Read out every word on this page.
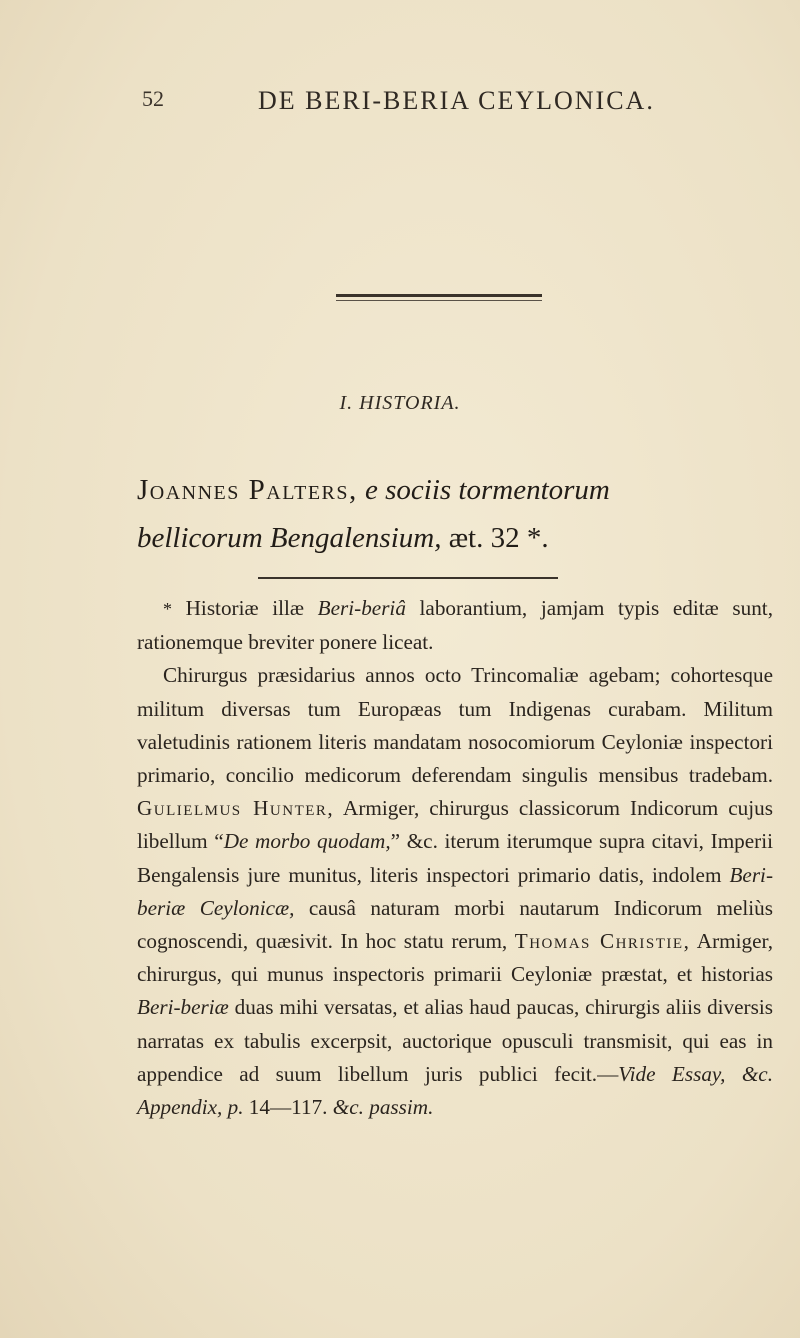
52	DE BERI-BERIA CEYLONICA.
I. HISTORIA.
Joannes Palters, e sociis tormentorum
bellicorum Bengalensium, æt. 32 *.

* Historiæ illæ Beri-beriâ laborantium, jamjam typis editæ sunt, rationemque breviter ponere liceat.

Chirurgus præsidarius annos octo Trincomaliæ agebam; cohortesque militum diversas tum Europæas tum Indigenas curabam. Militum valetudinis rationem literis mandatam nosocomiorum Ceyloniæ inspectori primario, concilio medicorum deferendam singulis mensibus tradebam. Gulielmus Hunter, Armiger, chirurgus classicorum Indicorum cujus libellum “De morbo quodam,” &c. iterum iterumque supra citavi, Imperii Bengalensis jure munitus, literis inspectori primario datis, indolem Beri-beriæ Ceylonicæ, causâ naturam morbi nautarum Indicorum meliùs cognoscendi, quæsivit. In hoc statu rerum, Thomas Christie, Armiger, chirurgus, qui munus inspectoris primarii Ceyloniæ præstat, et historias Beri-beriæ duas mihi versatas, et alias haud paucas, chirurgis aliis diversis narratas ex tabulis excerpsit, auctorique opusculi transmisit, qui eas in appendice ad suum libellum juris publici fecit.—Vide Essay, &c. Appendix, p. 14—117. &c. passim.
